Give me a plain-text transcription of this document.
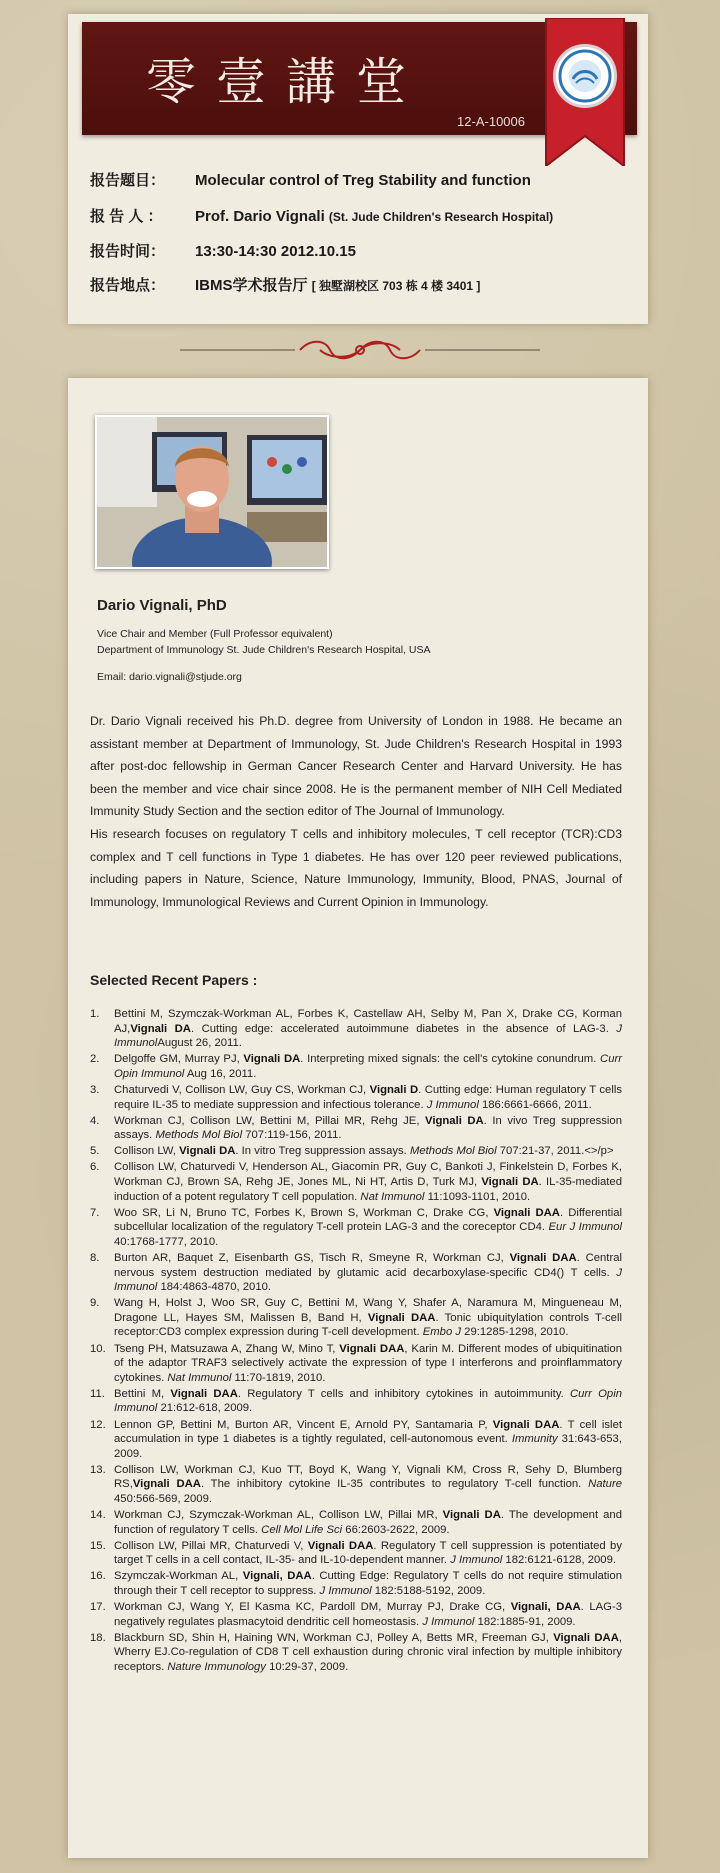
零壹講堂
12-A-10006
报告题目： Molecular control of Treg Stability and function
报 告 人 ： Prof. Dario Vignali (St. Jude Children's Research Hospital)
报告时间： 13:30-14:30 2012.10.15
报告地点： IBMS学术报告厅 [ 独墅湖校区 703 栋 4 楼 3401 ]
Dario Vignali, PhD
Vice Chair and Member (Full Professor equivalent)
Department of Immunology St. Jude Children's Research Hospital, USA
Email: dario.vignali@stjude.org

Dr. Dario Vignali received his Ph.D. degree from University of London in 1988. He became an assistant member at Department of Immunology, St. Jude Children's Research Hospital in 1993 after post-doc fellowship in German Cancer Research Center and Harvard University. He has been the member and vice chair since 2008. He is the permanent member of NIH Cell Mediated Immunity Study Section and the section editor of The Journal of Immunology.

His research focuses on regulatory T cells and inhibitory molecules, T cell receptor (TCR):CD3 complex and T cell functions in Type 1 diabetes. He has over 120 peer reviewed publications, including papers in Nature, Science, Nature Immunology, Immunity, Blood, PNAS, Journal of Immunology, Immunological Reviews and Current Opinion in Immunology.

Selected Recent Papers :
1. Bettini M, Szymczak-Workman AL, Forbes K, Castellaw AH, Selby M, Pan X, Drake CG, Korman AJ,Vignali DA. Cutting edge: accelerated autoimmune diabetes in the absence of LAG-3. J ImmunolAugust 26, 2011.
2. Delgoffe GM, Murray PJ, Vignali DA. Interpreting mixed signals: the cell's cytokine conundrum. Curr Opin Immunol Aug 16, 2011.
3. Chaturvedi V, Collison LW, Guy CS, Workman CJ, Vignali D. Cutting edge: Human regulatory T cells require IL-35 to mediate suppression and infectious tolerance. J Immunol 186:6661-6666, 2011.
4. Workman CJ, Collison LW, Bettini M, Pillai MR, Rehg JE, Vignali DA. In vivo Treg suppression assays. Methods Mol Biol 707:119-156, 2011.
5. Collison LW, Vignali DA. In vitro Treg suppression assays. Methods Mol Biol 707:21-37, 2011.<>/p>
6. Collison LW, Chaturvedi V, Henderson AL, Giacomin PR, Guy C, Bankoti J, Finkelstein D, Forbes K, Workman CJ, Brown SA, Rehg JE, Jones ML, Ni HT, Artis D, Turk MJ, Vignali DA. IL-35-mediated induction of a potent regulatory T cell population. Nat Immunol 11:1093-1101, 2010.
7. Woo SR, Li N, Bruno TC, Forbes K, Brown S, Workman C, Drake CG, Vignali DAA. Differential subcellular localization of the regulatory T-cell protein LAG-3 and the coreceptor CD4. Eur J Immunol 40:1768-1777, 2010.
8. Burton AR, Baquet Z, Eisenbarth GS, Tisch R, Smeyne R, Workman CJ, Vignali DAA. Central nervous system destruction mediated by glutamic acid decarboxylase-specific CD4() T cells. J Immunol 184:4863-4870, 2010.
9. Wang H, Holst J, Woo SR, Guy C, Bettini M, Wang Y, Shafer A, Naramura M, Mingueneau M, Dragone LL, Hayes SM, Malissen B, Band H, Vignali DAA. Tonic ubiquitylation controls T-cell receptor:CD3 complex expression during T-cell development. Embo J 29:1285-1298, 2010.
10. Tseng PH, Matsuzawa A, Zhang W, Mino T, Vignali DAA, Karin M. Different modes of ubiquitination of the adaptor TRAF3 selectively activate the expression of type I interferons and proinflammatory cytokines. Nat Immunol 11:70-1819, 2010.
11. Bettini M, Vignali DAA. Regulatory T cells and inhibitory cytokines in autoimmunity. Curr Opin Immunol 21:612-618, 2009.
12. Lennon GP, Bettini M, Burton AR, Vincent E, Arnold PY, Santamaria P, Vignali DAA. T cell islet accumulation in type 1 diabetes is a tightly regulated, cell-autonomous event. Immunity 31:643-653, 2009.
13. Collison LW, Workman CJ, Kuo TT, Boyd K, Wang Y, Vignali KM, Cross R, Sehy D, Blumberg RS,Vignali DAA. The inhibitory cytokine IL-35 contributes to regulatory T-cell function. Nature 450:566-569, 2009.
14. Workman CJ, Szymczak-Workman AL, Collison LW, Pillai MR, Vignali DA. The development and function of regulatory T cells. Cell Mol Life Sci 66:2603-2622, 2009.
15. Collison LW, Pillai MR, Chaturvedi V, Vignali DAA. Regulatory T cell suppression is potentiated by target T cells in a cell contact, IL-35- and IL-10-dependent manner. J Immunol 182:6121-6128, 2009.
16. Szymczak-Workman AL, Vignali, DAA. Cutting Edge: Regulatory T cells do not require stimulation through their T cell receptor to suppress. J Immunol 182:5188-5192, 2009.
17. Workman CJ, Wang Y, El Kasma KC, Pardoll DM, Murray PJ, Drake CG, Vignali, DAA. LAG-3 negatively regulates plasmacytoid dendritic cell homeostasis. J Immunol 182:1885-91, 2009.
18. Blackburn SD, Shin H, Haining WN, Workman CJ, Polley A, Betts MR, Freeman GJ, Vignali DAA, Wherry EJ.Co-regulation of CD8 T cell exhaustion during chronic viral infection by multiple inhibitory receptors. Nature Immunology 10:29-37, 2009.
